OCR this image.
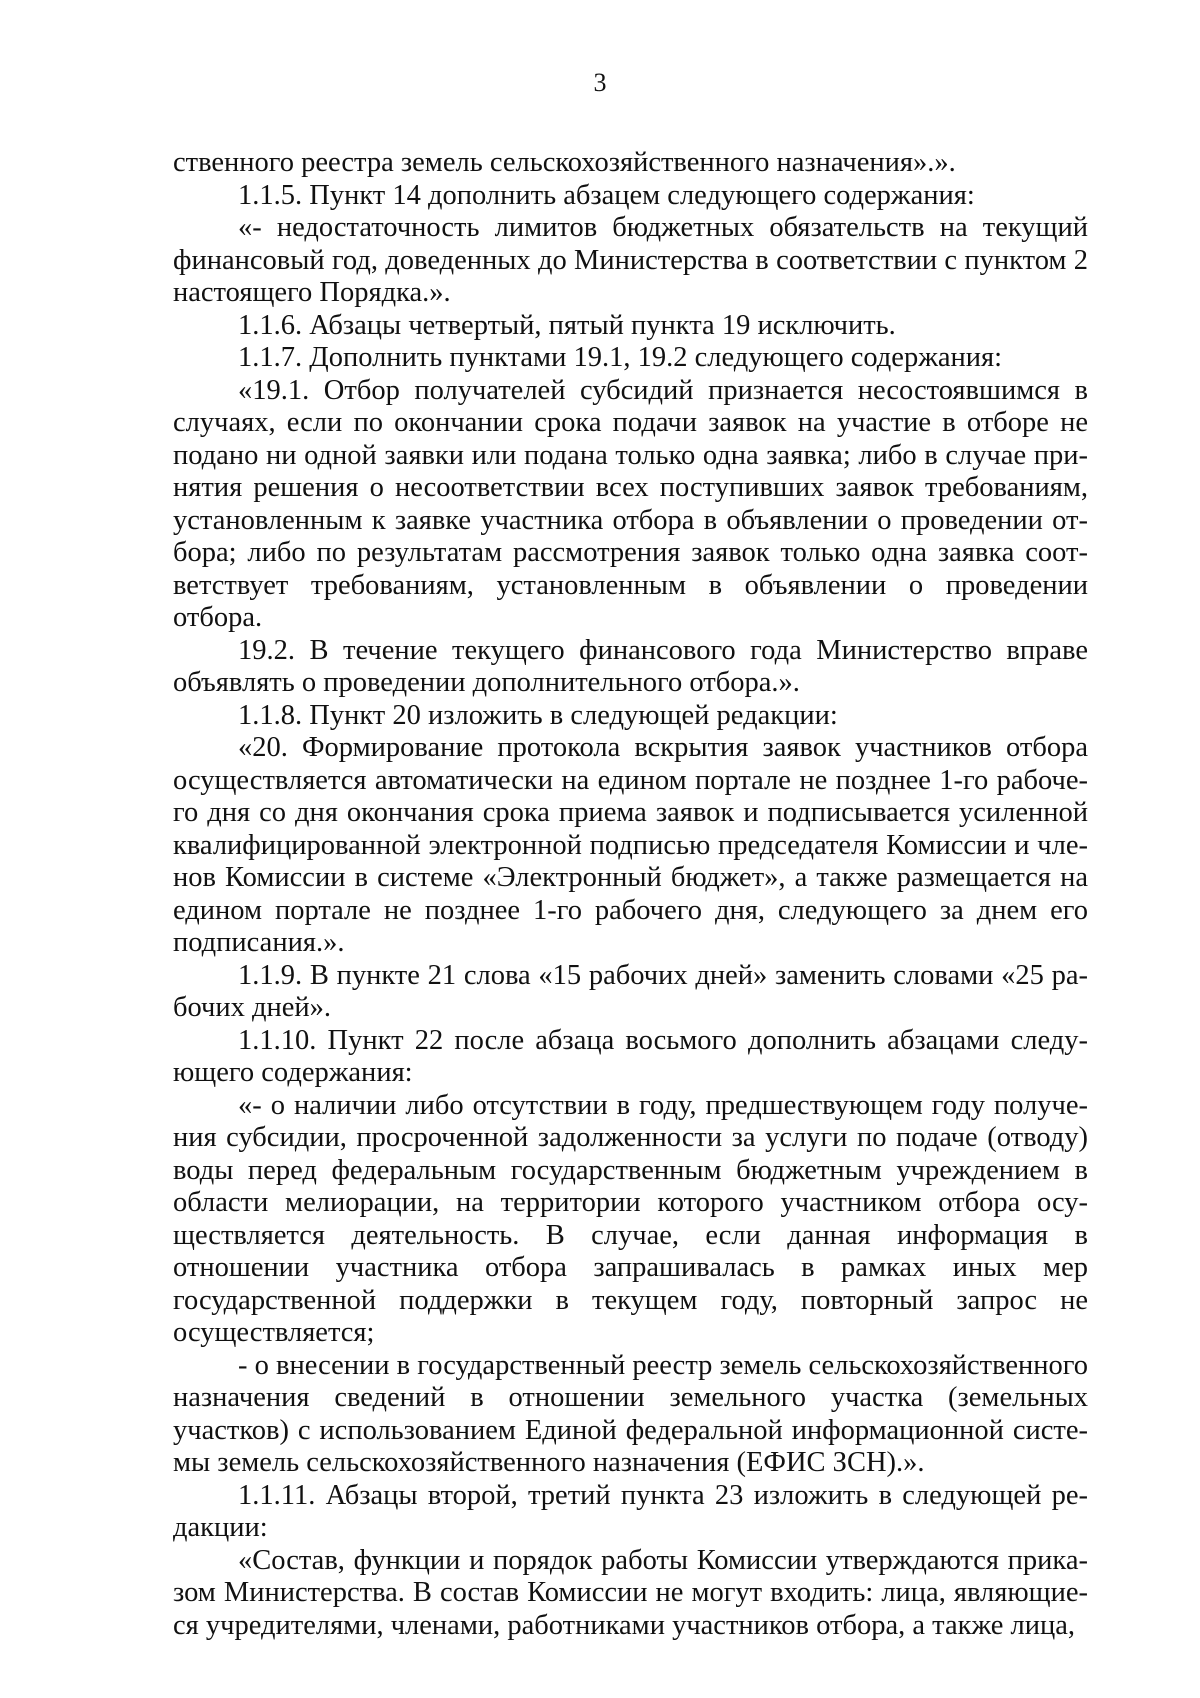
3

ственного реестра земель сельскохозяйственного назначения».».

1.1.5. Пункт 14 дополнить абзацем следующего содержания:

«- недостаточность лимитов бюджетных обязательств на текущий финансовый год, доведенных до Министерства в соответствии с пунктом 2 настоящего Порядка.».

1.1.6. Абзацы четвертый, пятый пункта 19 исключить.

1.1.7. Дополнить пунктами 19.1, 19.2 следующего содержания:

«19.1. Отбор получателей субсидий признается несостоявшимся в случаях, если по окончании срока подачи заявок на участие в отборе не подано ни одной заявки или подана только одна заявка; либо в случае принятия решения о несоответствии всех поступивших заявок требованиям, установленным к заявке участника отбора в объявлении о проведении отбора; либо по результатам рассмотрения заявок только одна заявка соответствует требованиям, установленным в объявлении о проведении отбора.

19.2. В течение текущего финансового года Министерство вправе объявлять о проведении дополнительного отбора.».

1.1.8. Пункт 20 изложить в следующей редакции:

«20. Формирование протокола вскрытия заявок участников отбора осуществляется автоматически на едином портале не позднее 1-го рабочего дня со дня окончания срока приема заявок и подписывается усиленной квалифицированной электронной подписью председателя Комиссии и членов Комиссии в системе «Электронный бюджет», а также размещается на едином портале не позднее 1-го рабочего дня, следующего за днем его подписания.».

1.1.9. В пункте 21 слова «15 рабочих дней» заменить словами «25 рабочих дней».

1.1.10. Пункт 22 после абзаца восьмого дополнить абзацами следующего содержания:

«- о наличии либо отсутствии в году, предшествующем году получения субсидии, просроченной задолженности за услуги по подаче (отводу) воды перед федеральным государственным бюджетным учреждением в области мелиорации, на территории которого участником отбора осуществляется деятельность. В случае, если данная информация в отношении участника отбора запрашивалась в рамках иных мер государственной поддержки в текущем году, повторный запрос не осуществляется;

- о внесении в государственный реестр земель сельскохозяйственного назначения сведений в отношении земельного участка (земельных участков) с использованием Единой федеральной информационной системы земель сельскохозяйственного назначения (ЕФИС ЗСН).».

1.1.11. Абзацы второй, третий пункта 23 изложить в следующей редакции:

«Состав, функции и порядок работы Комиссии утверждаются приказом Министерства. В состав Комиссии не могут входить: лица, являющиеся учредителями, членами, работниками участников отбора, а также лица,
